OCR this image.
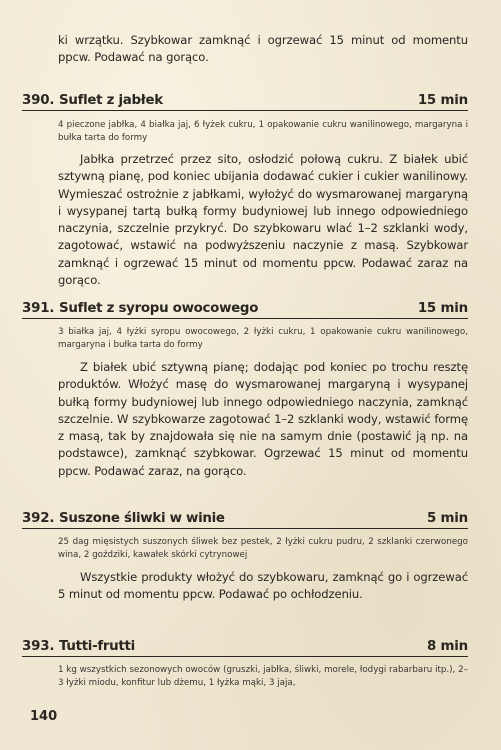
ki wrzątku. Szybkowar zamknąć i ogrzewać 15 minut od momentu ppcw. Podawać na gorąco.
390. Suflet z jabłek	15 min
4 pieczone jabłka, 4 białka jaj, 6 łyżek cukru, 1 opakowanie cukru wanilinowego, margaryna i bułka tarta do formy
Jabłka przetrzeć przez sito, osłodzić połową cukru. Z białek ubić sztywną pianę, pod koniec ubijania dodawać cukier i cukier wanilinowy. Wymieszać ostrożnie z jabłkami, wyłożyć do wysmarowanej margaryną i wysypanej tartą bułką formy budyniowej lub innego odpowiedniego naczynia, szczelnie przykryć. Do szybkowaru wlać 1–2 szklanki wody, zagotować, wstawić na podwyższeniu naczynie z masą. Szybkowar zamknąć i ogrzewać 15 minut od momentu ppcw. Podawać zaraz na gorąco.
391. Suflet z syropu owocowego	15 min
3 białka jaj, 4 łyżki syropu owocowego, 2 łyżki cukru, 1 opakowanie cukru wanilinowego, margaryna i bułka tarta do formy
Z białek ubić sztywną pianę; dodając pod koniec po trochu resztę produktów. Włożyć masę do wysmarowanej margaryną i wysypanej bułką formy budyniowej lub innego odpowiedniego naczynia, zamknąć szczelnie. W szybkowarze zagotować 1–2 szklanki wody, wstawić formę z masą, tak by znajdowała się nie na samym dnie (postawić ją np. na podstawce), zamknąć szybkowar. Ogrzewać 15 minut od momentu ppcw. Podawać zaraz, na gorąco.
392. Suszone śliwki w winie	5 min
25 dag mięsistych suszonych śliwek bez pestek, 2 łyżki cukru pudru, 2 szklanki czerwonego wina, 2 goździki, kawałek skórki cytrynowej
Wszystkie produkty włożyć do szybkowaru, zamknąć go i ogrzewać 5 minut od momentu ppcw. Podawać po ochłodzeniu.
393. Tutti-frutti	8 min
1 kg wszystkich sezonowych owoców (gruszki, jabłka, śliwki, morele, łodygi rabarbaru itp.), 2–3 łyżki miodu, konfitur lub dżemu, 1 łyżka mąki, 3 jaja,
140
